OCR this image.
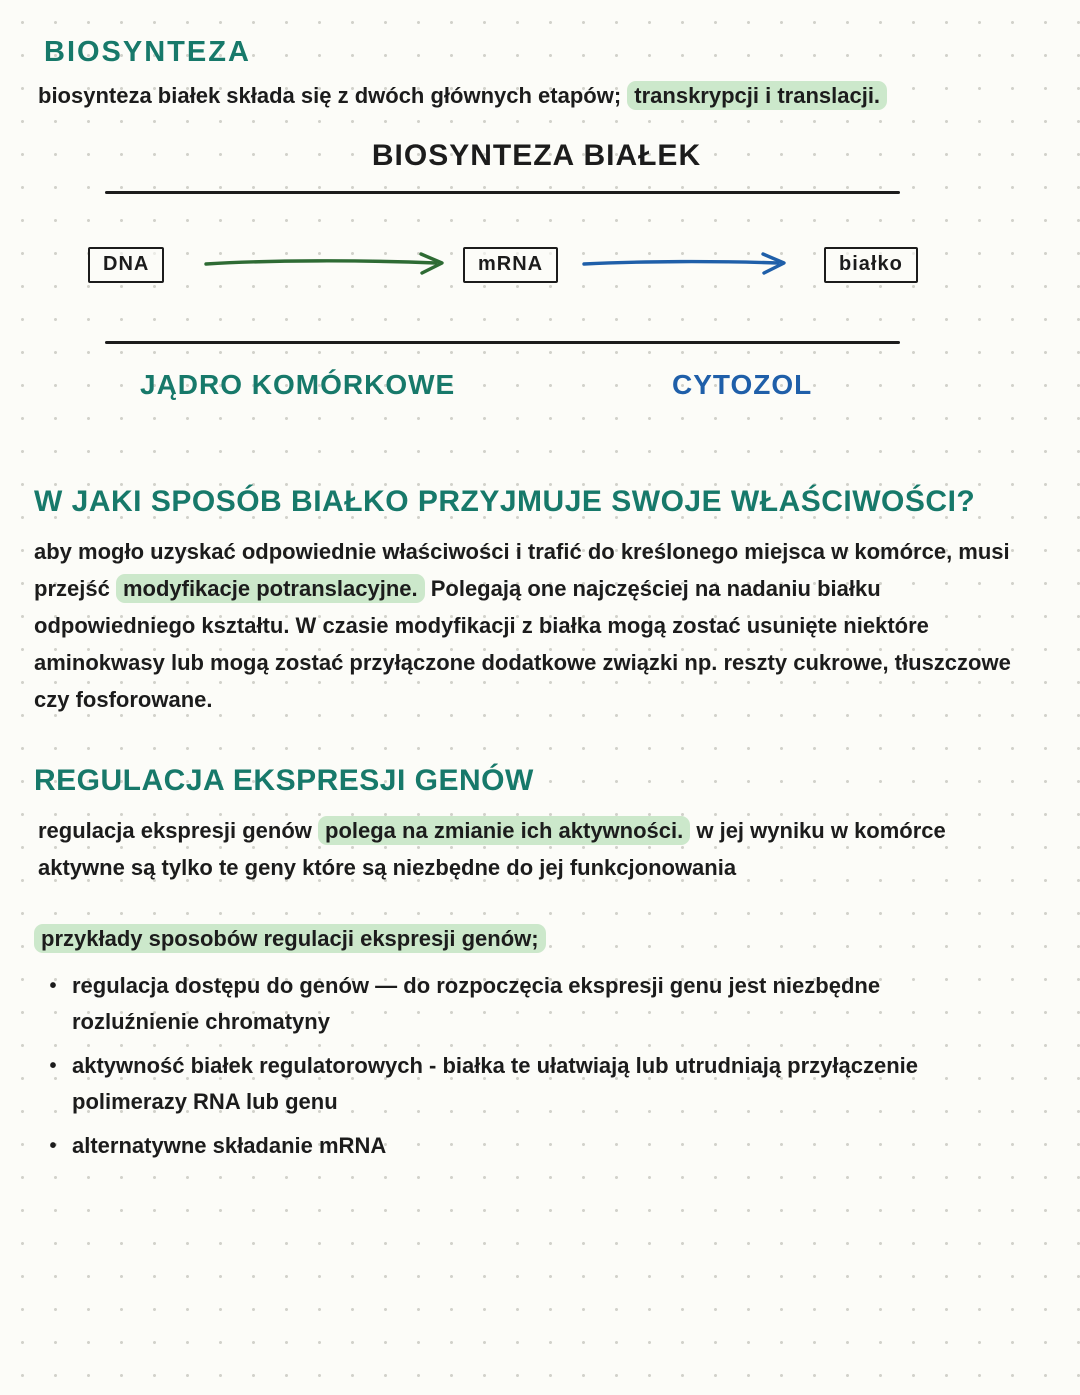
BIOSYNTEZA

biosynteza białek składa się z dwóch głównych etapów; transkrypcji i translacji.

BIOSYNTEZA BIAŁEK
DNA	mRNA	białko
JĄDRO KOMÓRKOWE	CYTOZOL
W JAKI SPOSÓB BIAŁKO PRZYJMUJE SWOJE WŁAŚCIWOŚCI?

aby mogło uzyskać odpowiednie właściwości i trafić do kreślonego miejsca w komórce, musi przejść modyfikacje potranslacyjne. Polegają one najczęściej na nadaniu białku odpowiedniego kształtu. W czasie modyfikacji z białka mogą zostać usunięte niektóre aminokwasy lub mogą zostać przyłączone dodatkowe związki np. reszty cukrowe, tłuszczowe czy fosforowane.

REGULACJA EKSPRESJI GENÓW

regulacja ekspresji genów polega na zmianie ich aktywności. w jej wyniku w komórce
aktywne są tylko te geny które są niezbędne do jej funkcjonowania

przykłady sposobów regulacji ekspresji genów;

• regulacja dostępu do genów — do rozpoczęcia ekspresji genu jest niezbędne rozluźnienie chromatyny
• aktywność białek regulatorowych - białka te ułatwiają lub utrudniają przyłączenie polimerazy RNA lub genu
• alternatywne składanie mRNA
